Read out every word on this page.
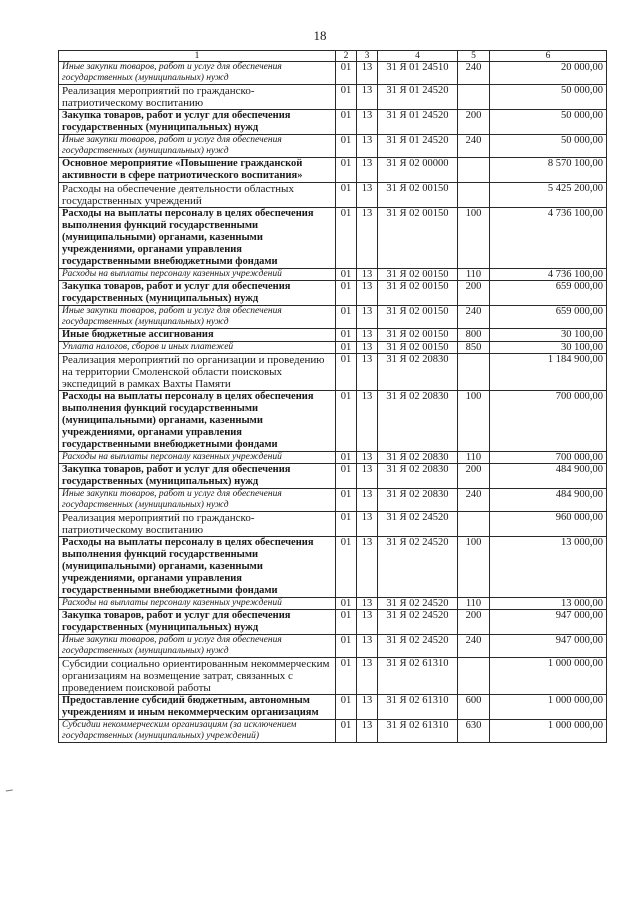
18
1	2	3	4	5	6
Иные закупки товаров, работ и услуг для обеспечения государственных (муниципальных) нужд	01	13	31 Я 01 24510	240	20 000,00
Реализация мероприятий по гражданско-патриотическому воспитанию	01	13	31 Я 01 24520		50 000,00
Закупка товаров, работ и услуг для обеспечения государственных (муниципальных) нужд	01	13	31 Я 01 24520	200	50 000,00
Иные закупки товаров, работ и услуг для обеспечения государственных (муниципальных) нужд	01	13	31 Я 01 24520	240	50 000,00
Основное мероприятие «Повышение гражданской активности в сфере патриотического воспитания»	01	13	31 Я 02 00000		8 570 100,00
Расходы на обеспечение деятельности областных государственных учреждений	01	13	31 Я 02 00150		5 425 200,00
Расходы на выплаты персоналу в целях обеспечения выполнения функций государственными (муниципальными) органами, казенными учреждениями, органами управления государственными внебюджетными фондами	01	13	31 Я 02 00150	100	4 736 100,00
Расходы на выплаты персоналу казенных учреждений	01	13	31 Я 02 00150	110	4 736 100,00
Закупка товаров, работ и услуг для обеспечения государственных (муниципальных) нужд	01	13	31 Я 02 00150	200	659 000,00
Иные закупки товаров, работ и услуг для обеспечения государственных (муниципальных) нужд	01	13	31 Я 02 00150	240	659 000,00
Иные бюджетные ассигнования	01	13	31 Я 02 00150	800	30 100,00
Уплата налогов, сборов и иных платежей	01	13	31 Я 02 00150	850	30 100,00
Реализация мероприятий по организации и проведению на территории Смоленской области поисковых экспедиций в рамках Вахты Памяти	01	13	31 Я 02 20830		1 184 900,00
Расходы на выплаты персоналу в целях обеспечения выполнения функций государственными (муниципальными) органами, казенными учреждениями, органами управления государственными внебюджетными фондами	01	13	31 Я 02 20830	100	700 000,00
Расходы на выплаты персоналу казенных учреждений	01	13	31 Я 02 20830	110	700 000,00
Закупка товаров, работ и услуг для обеспечения государственных (муниципальных) нужд	01	13	31 Я 02 20830	200	484 900,00
Иные закупки товаров, работ и услуг для обеспечения государственных (муниципальных) нужд	01	13	31 Я 02 20830	240	484 900,00
Реализация мероприятий по гражданско-патриотическому воспитанию	01	13	31 Я 02 24520		960 000,00
Расходы на выплаты персоналу в целях обеспечения выполнения функций государственными (муниципальными) органами, казенными учреждениями, органами управления государственными внебюджетными фондами	01	13	31 Я 02 24520	100	13 000,00
Расходы на выплаты персоналу казенных учреждений	01	13	31 Я 02 24520	110	13 000,00
Закупка товаров, работ и услуг для обеспечения государственных (муниципальных) нужд	01	13	31 Я 02 24520	200	947 000,00
Иные закупки товаров, работ и услуг для обеспечения государственных (муниципальных) нужд	01	13	31 Я 02 24520	240	947 000,00
Субсидии социально ориентированным некоммерческим организациям на возмещение затрат, связанных с проведением поисковой работы	01	13	31 Я 02 61310		1 000 000,00
Предоставление субсидий бюджетным, автономным учреждениям и иным некоммерческим организациям	01	13	31 Я 02 61310	600	1 000 000,00
Субсидии некоммерческим организациям (за исключением государственных (муниципальных) учреждений)	01	13	31 Я 02 61310	630	1 000 000,00
